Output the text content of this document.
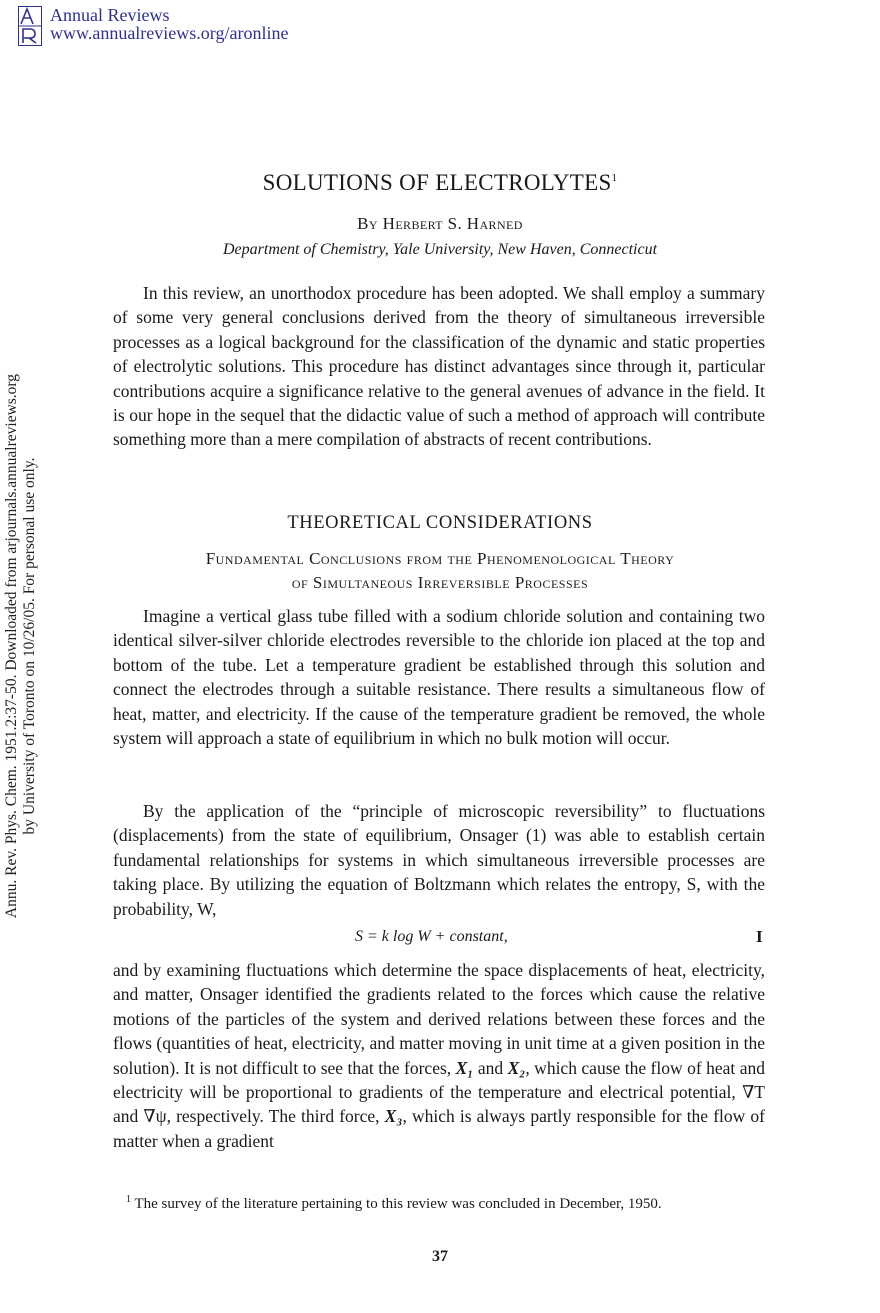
Annual Reviews
www.annualreviews.org/aronline
Annu. Rev. Phys. Chem. 1951.2:37-50. Downloaded from arjournals.annualreviews.org by University of Toronto on 10/26/05. For personal use only.
SOLUTIONS OF ELECTROLYTES$^1$
By Herbert S. Harned
Department of Chemistry, Yale University, New Haven, Connecticut

In this review, an unorthodox procedure has been adopted. We shall employ a summary of some very general conclusions derived from the theory of simultaneous irreversible processes as a logical background for the classification of the dynamic and static properties of electrolytic solutions. This procedure has distinct advantages since through it, particular contributions acquire a significance relative to the general avenues of advance in the field. It is our hope in the sequel that the didactic value of such a method of approach will contribute something more than a mere compilation of abstracts of recent contributions.

THEORETICAL CONSIDERATIONS
Fundamental Conclusions from the Phenomenological Theory
of Simultaneous Irreversible Processes

Imagine a vertical glass tube filled with a sodium chloride solution and containing two identical silver-silver chloride electrodes reversible to the chloride ion placed at the top and bottom of the tube. Let a temperature gradient be established through this solution and connect the electrodes through a suitable resistance. There results a simultaneous flow of heat, matter, and electricity. If the cause of the temperature gradient be removed, the whole system will approach a state of equilibrium in which no bulk motion will occur.

By the application of the “principle of microscopic reversibility” to fluctuations (displacements) from the state of equilibrium, Onsager (1) was able to establish certain fundamental relationships for systems in which simultaneous irreversible processes are taking place. By utilizing the equation of Boltzmann which relates the entropy, S, with the probability, W,

S = k log W + constant,	I

and by examining fluctuations which determine the space displacements of heat, electricity, and matter, Onsager identified the gradients related to the forces which cause the relative motions of the particles of the system and derived relations between these forces and the flows (quantities of heat, electricity, and matter moving in unit time at a given position in the solution). It is not difficult to see that the forces, X₁ and X₂, which cause the flow of heat and electricity will be proportional to gradients of the temperature and electrical potential, ∇T and ∇ψ, respectively. The third force, X₃, which is always partly responsible for the flow of matter when a gradient

$^1$ The survey of the literature pertaining to this review was concluded in December, 1950.
37
